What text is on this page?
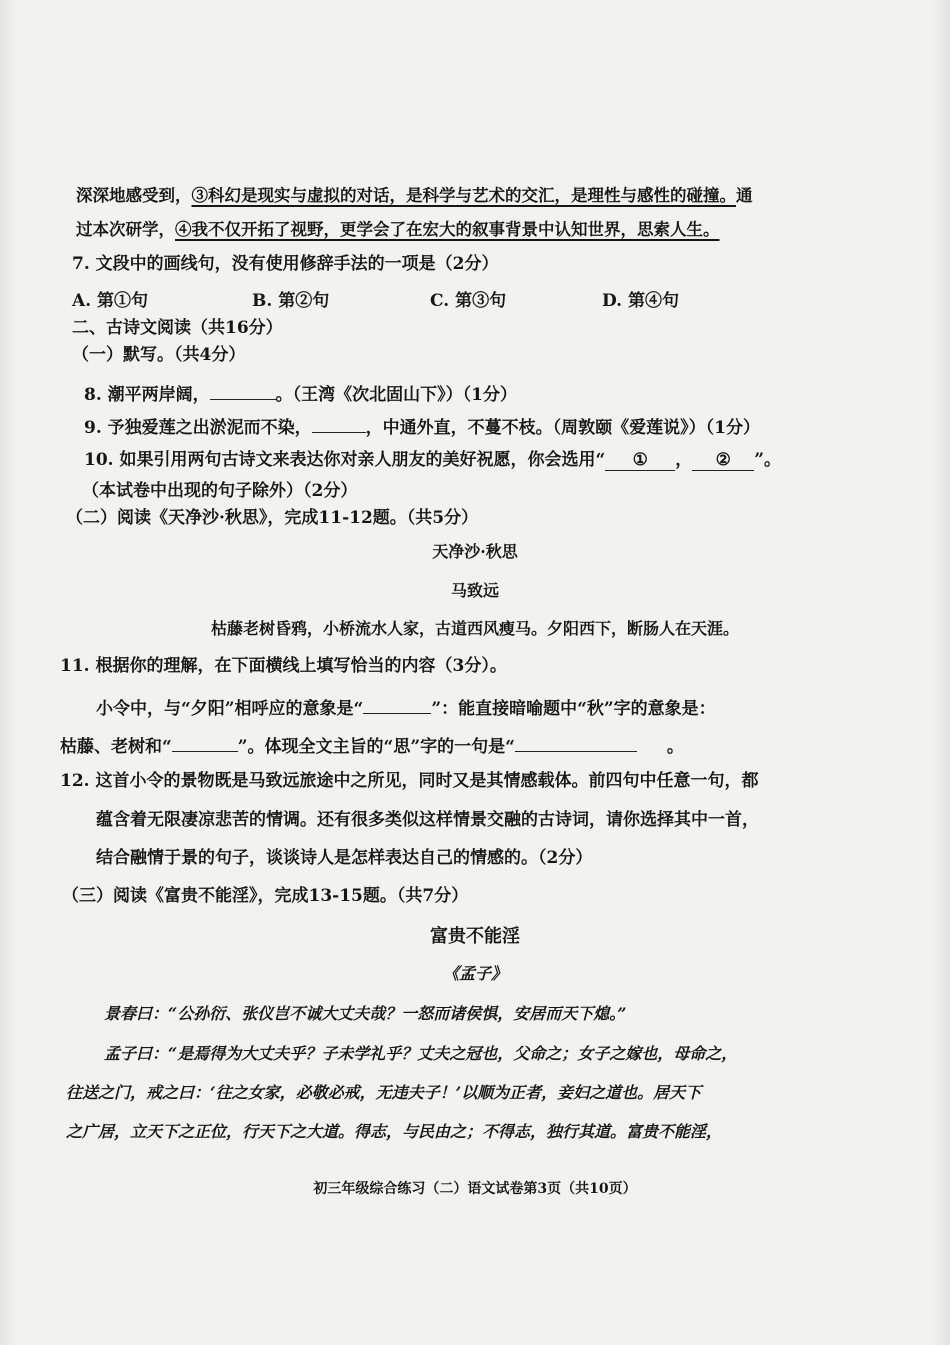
深深地感受到，③科幻是现实与虚拟的对话，是科学与艺术的交汇，是理性与感性的碰撞。通
过本次研学，④我不仅开拓了视野，更学会了在宏大的叙事背景中认知世界，思索人生。
7. 文段中的画线句，没有使用修辞手法的一项是（2分）
A. 第①句	B. 第②句	C. 第③句	D. 第④句
二、古诗文阅读（共16分）
（一）默写。（共4分）
8. 潮平两岸阔，	。（王湾《次北固山下》）（1分）
9. 予独爱莲之出淤泥而不染，	，中通外直，不蔓不枝。（周敦颐《爱莲说》）（1分）
10. 如果引用两句古诗文来表达你对亲人朋友的美好祝愿，你会选用“ ① ， ② ”。
（本试卷中出现的句子除外）（2分）
（二）阅读《天净沙·秋思》，完成11-12题。（共5分）
天净沙·秋思
马致远
枯藤老树昏鸦，小桥流水人家，古道西风瘦马。夕阳西下，断肠人在天涯。
11. 根据你的理解，在下面横线上填写恰当的内容（3分）。
小令中，与“夕阳”相呼应的意象是“	”：能直接暗喻题中“秋”字的意象是：
枯藤、老树和“	”。体现全文主旨的“思”字的一句是“	。
12. 这首小令的景物既是马致远旅途中之所见，同时又是其情感载体。前四句中任意一句，都
蕴含着无限凄凉悲苦的情调。还有很多类似这样情景交融的古诗词，请你选择其中一首，
结合融情于景的句子，谈谈诗人是怎样表达自己的情感的。（2分）
（三）阅读《富贵不能淫》，完成13-15题。（共7分）
富贵不能淫
《孟子》
景春曰：“公孙衍、张仪岂不诚大丈夫哉？一怒而诸侯惧，安居而天下熄。”
孟子曰：“是焉得为大丈夫乎？子未学礼乎？丈夫之冠也，父命之；女子之嫁也，母命之，
往送之门，戒之曰：‘往之女家，必敬必戒，无违夫子！’以顺为正者，妾妇之道也。居天下
之广居，立天下之正位，行天下之大道。得志，与民由之；不得志，独行其道。富贵不能淫，
初三年级综合练习（二）语文试卷第3页（共10页）
